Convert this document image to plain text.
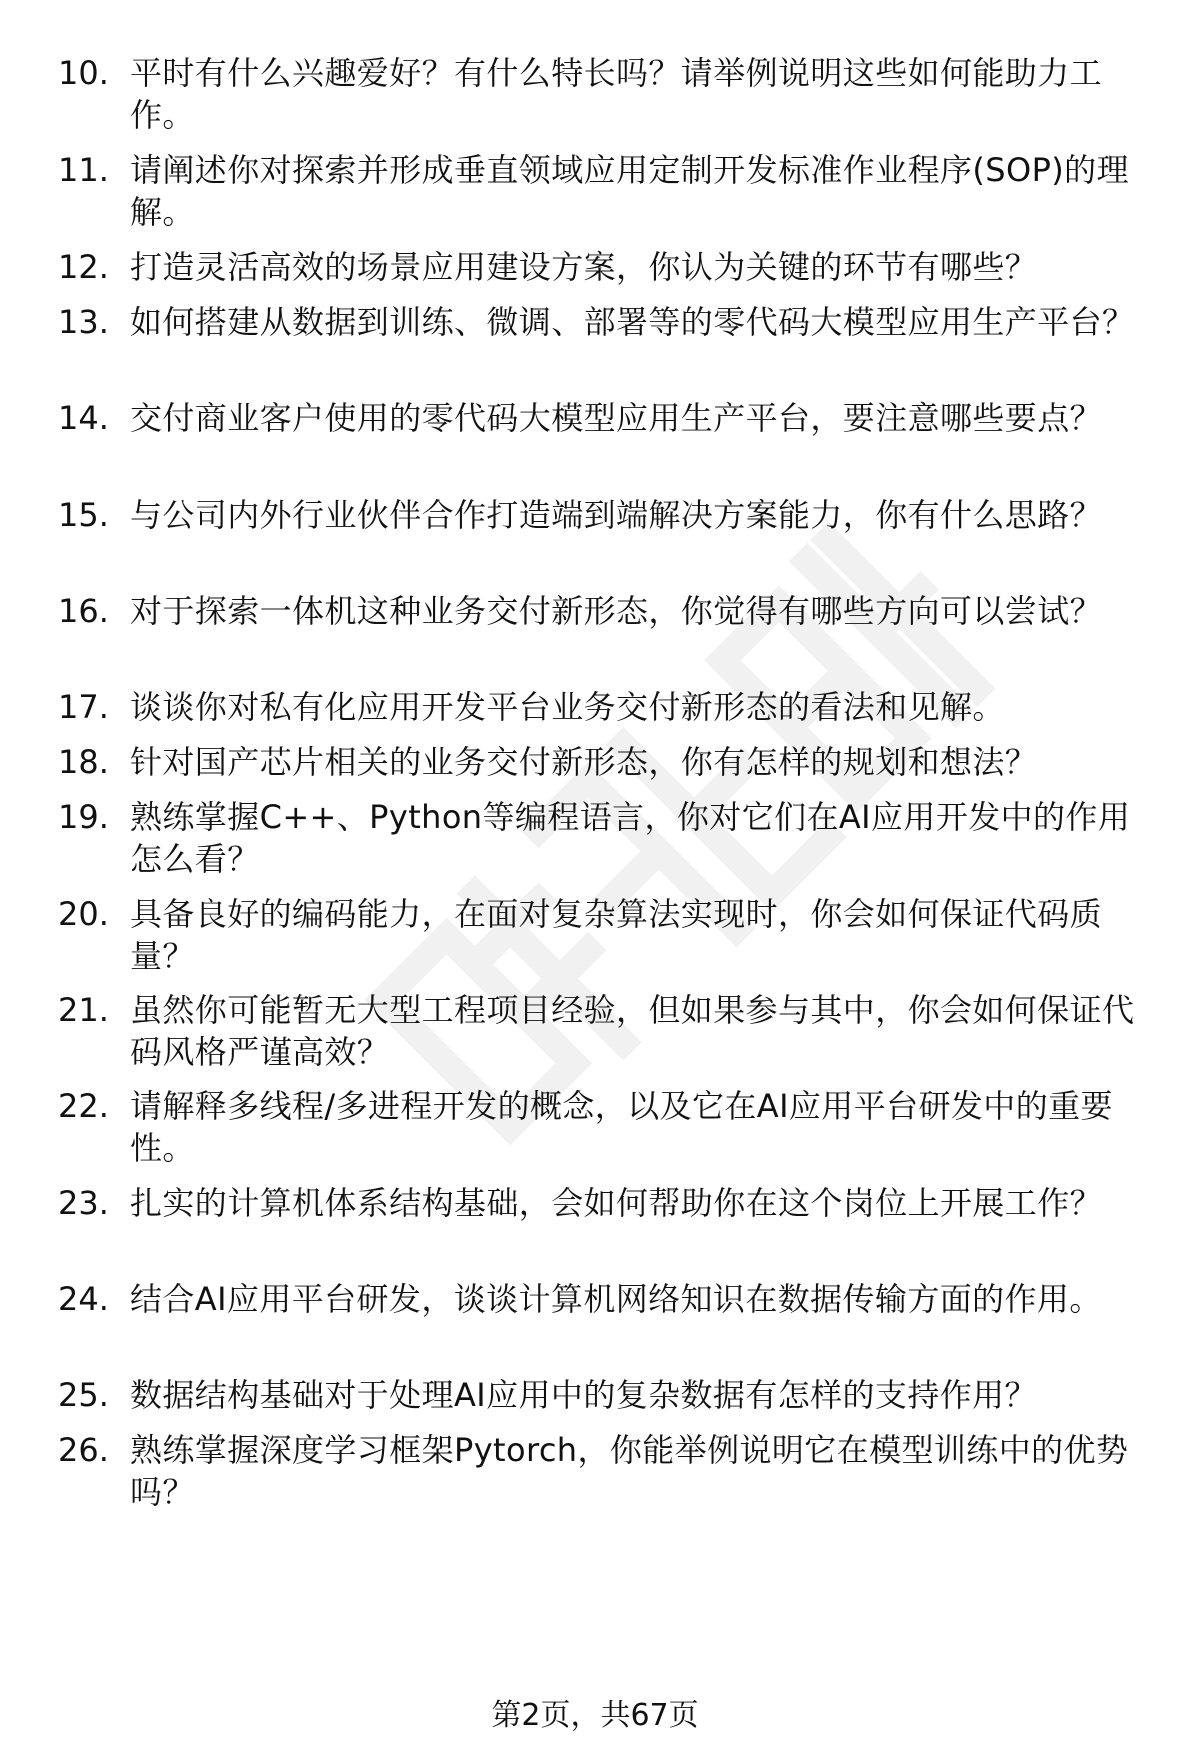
10. 平时有什么兴趣爱好？有什么特长吗？请举例说明这些如何能助力工作。
11. 请阐述你对探索并形成垂直领域应用定制开发标准作业程序(SOP)的理解。
12. 打造灵活高效的场景应用建设方案，你认为关键的环节有哪些？
13. 如何搭建从数据到训练、微调、部署等的零代码大模型应用生产平台？
14. 交付商业客户使用的零代码大模型应用生产平台，要注意哪些要点？
15. 与公司内外行业伙伴合作打造端到端解决方案能力，你有什么思路？
16. 对于探索一体机这种业务交付新形态，你觉得有哪些方向可以尝试？
17. 谈谈你对私有化应用开发平台业务交付新形态的看法和见解。
18. 针对国产芯片相关的业务交付新形态，你有怎样的规划和想法？
19. 熟练掌握C++、Python等编程语言，你对它们在AI应用开发中的作用怎么看？
20. 具备良好的编码能力，在面对复杂算法实现时，你会如何保证代码质量？
21. 虽然你可能暂无大型工程项目经验，但如果参与其中，你会如何保证代码风格严谨高效？
22. 请解释多线程/多进程开发的概念，以及它在AI应用平台研发中的重要性。
23. 扎实的计算机体系结构基础，会如何帮助你在这个岗位上开展工作？
24. 结合AI应用平台研发，谈谈计算机网络知识在数据传输方面的作用。
25. 数据结构基础对于处理AI应用中的复杂数据有怎样的支持作用？
26. 熟练掌握深度学习框架Pytorch，你能举例说明它在模型训练中的优势吗？
第2页，共67页
